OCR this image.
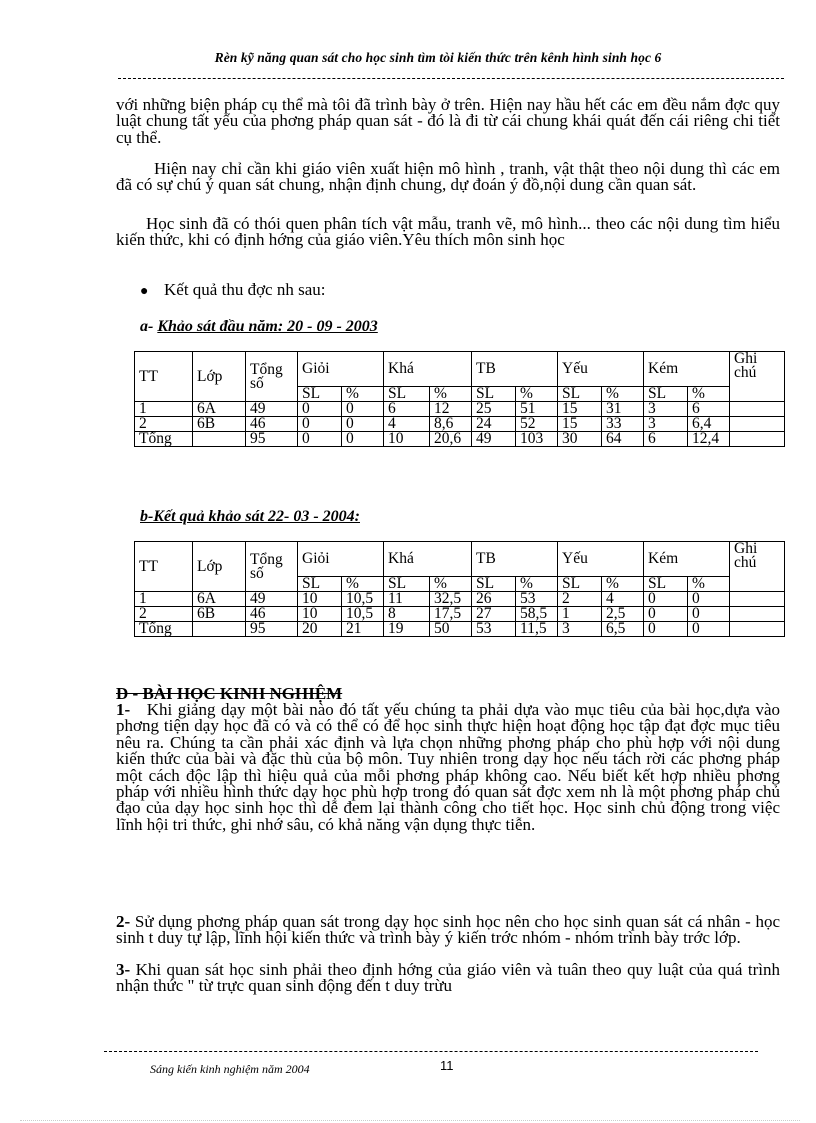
Rèn kỹ năng quan sát cho học sinh tìm tòi kiến thức trên kênh hình sinh học 6

với những biện pháp cụ thể mà tôi đã trình bày ở trên. Hiện nay hầu hết các em đều nắm đợc quy luật chung tất yếu của phơng pháp quan sát - đó là đi từ cái chung khái quát đến cái riêng chi tiết cụ thể.

Hiện nay chỉ cần khi giáo viên xuất hiện mô hình , tranh, vật thật theo nội dung thì các em đã có sự chú ý quan sát chung, nhận định chung, dự đoán ý đồ,nội dung cần quan sát.

Học sinh đã có thói quen phân tích vật mẫu, tranh vẽ, mô hình... theo các nội dung tìm hiểu kiến thức, khi có định hớng của giáo viên.Yêu thích môn sinh học

● Kết quả thu đợc nh sau:
a- Khảo sát đầu năm: 20 - 09 - 2003
TT	Lớp	Tổng số	Giỏi		Khá		TB		Yếu		Kém		Ghi chú
			SL	%	SL	%	SL	%	SL	%	SL	%	
1	6A	49	0	0	6	12	25	51	15	31	3	6	
2	6B	46	0	0	4	8,6	24	52	15	33	3	6,4	
Tổng		95	0	0	10	20,6	49	103	30	64	6	12,4	
b-Kết quả khảo sát 22- 03 - 2004:
TT	Lớp	Tổng số	Giỏi		Khá		TB		Yếu		Kém		Ghi chú
			SL	%	SL	%	SL	%	SL	%	SL	%	
1	6A	49	10	10,5	11	32,5	26	53	2	4	0	0	
2	6B	46	10	10,5	8	17,5	27	58,5	1	2,5	0	0	
Tổng		95	20	21	19	50	53	11,5	3	6,5	0	0	
D - BÀI HỌC KINH NGHIỆM

1- Khi giảng dạy một bài nào đó tất yếu chúng ta phải dựa vào mục tiêu của bài học,dựa vào phơng tiện dạy học đã có và có thể có để học sinh thực hiện hoạt động học tập đạt đợc mục tiêu nêu ra. Chúng ta cần phải xác định và lựa chọn những phơng pháp cho phù hợp với nội dung kiến thức của bài và đặc thù của bộ môn. Tuy nhiên trong dạy học nếu tách rời các phơng pháp một cách độc lập thì hiệu quả của mỗi phơng pháp không cao. Nếu biết kết hợp nhiều phơng pháp với nhiều hình thức dạy học phù hợp trong đó quan sát đợc xem nh là một phơng pháp chủ đạo của dạy học sinh học thì dễ đem lại thành công cho tiết học. Học sinh chủ động trong việc lĩnh hội tri thức, ghi nhớ sâu, có khả năng vận dụng thực tiễn.

2- Sử dụng phơng pháp quan sát trong dạy học sinh học nên cho học sinh quan sát cá nhân - học sinh t duy tự lập, lĩnh hội kiến thức và trình bày ý kiến trớc nhóm - nhóm trình bày trớc lớp.

3- Khi quan sát học sinh phải theo định hớng của giáo viên và tuân theo quy luật của quá trình nhận thức " từ trực quan sinh động đến t duy trừu

Sáng kiến kinh nghiệm năm 2004	11
